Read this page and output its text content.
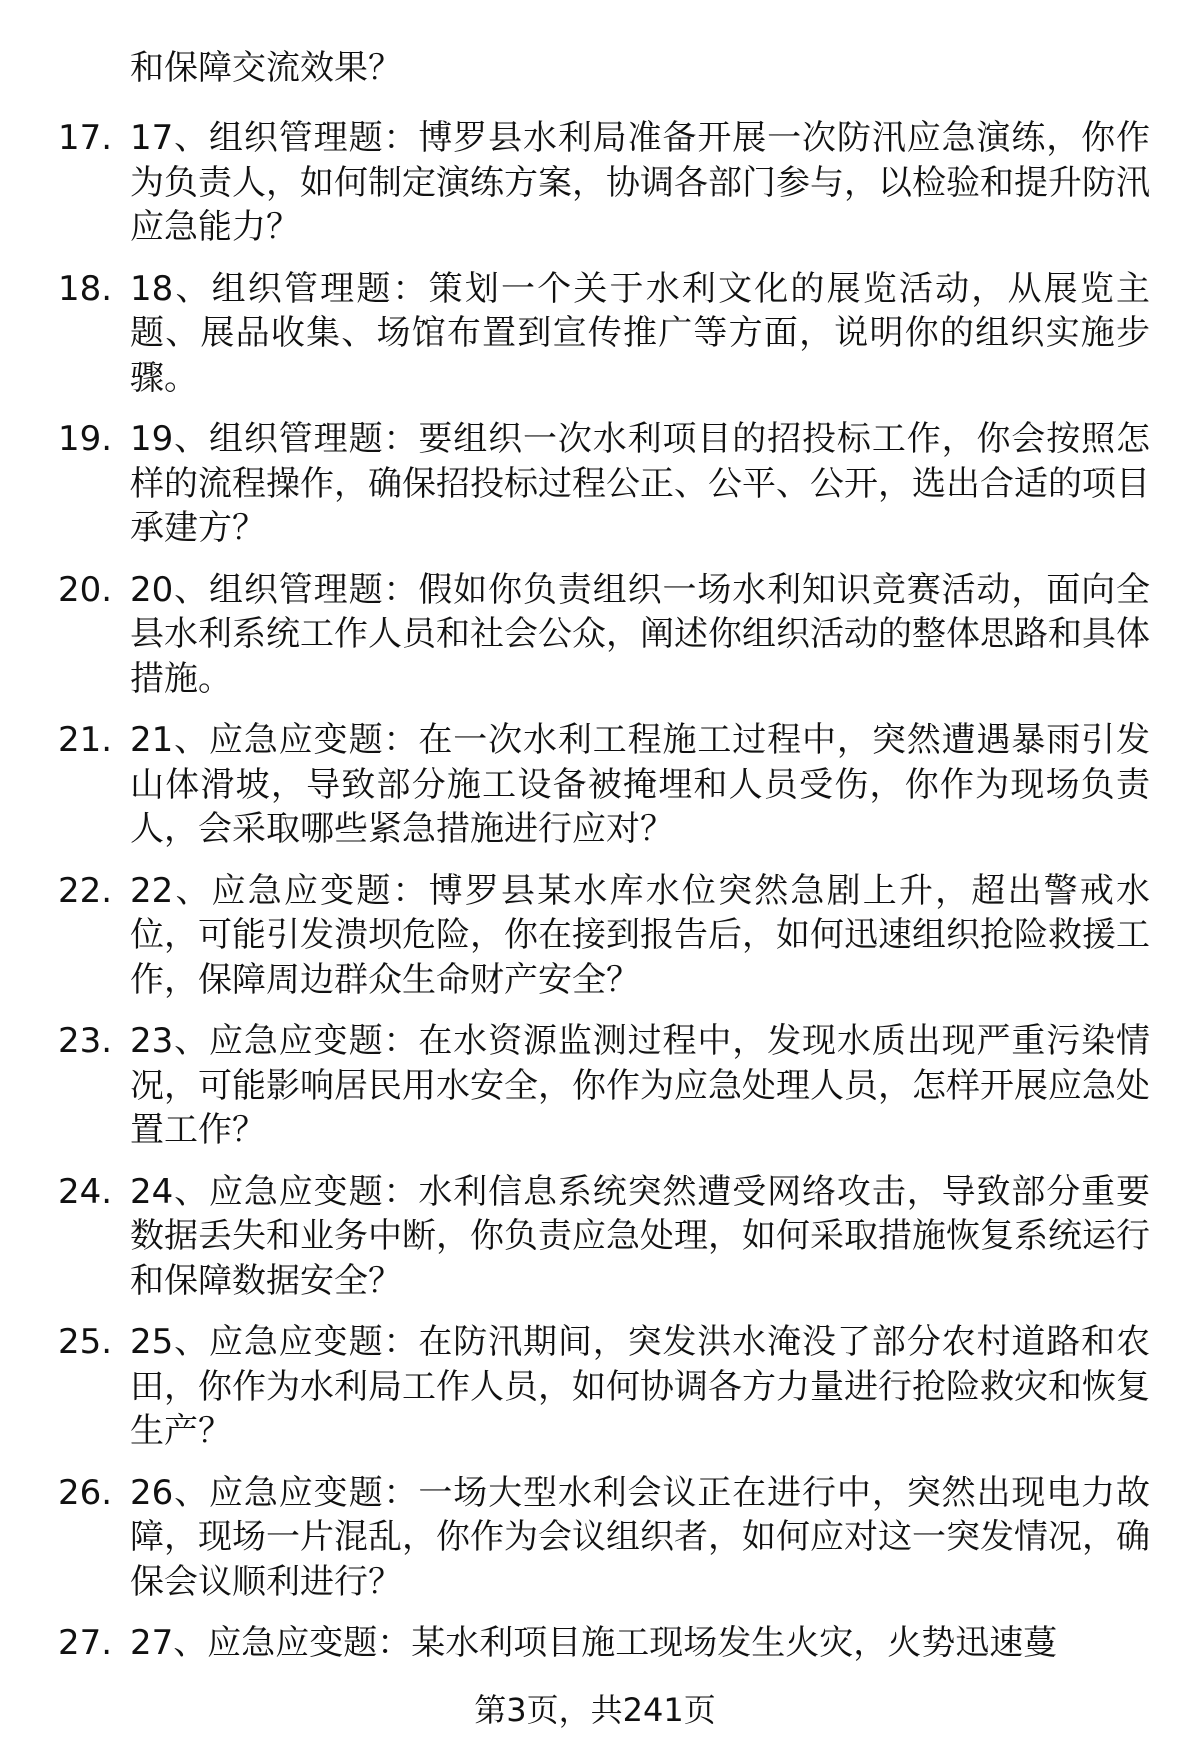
和保障交流效果？
17. 17、组织管理题：博罗县水利局准备开展一次防汛应急演练，你作为负责人，如何制定演练方案，协调各部门参与，以检验和提升防汛应急能力？
18. 18、组织管理题：策划一个关于水利文化的展览活动，从展览主题、展品收集、场馆布置到宣传推广等方面，说明你的组织实施步骤。
19. 19、组织管理题：要组织一次水利项目的招投标工作，你会按照怎样的流程操作，确保招投标过程公正、公平、公开，选出合适的项目承建方？
20. 20、组织管理题：假如你负责组织一场水利知识竞赛活动，面向全县水利系统工作人员和社会公众，阐述你组织活动的整体思路和具体措施。
21. 21、应急应变题：在一次水利工程施工过程中，突然遭遇暴雨引发山体滑坡，导致部分施工设备被掩埋和人员受伤，你作为现场负责人，会采取哪些紧急措施进行应对？
22. 22、应急应变题：博罗县某水库水位突然急剧上升，超出警戒水位，可能引发溃坝危险，你在接到报告后，如何迅速组织抢险救援工作，保障周边群众生命财产安全？
23. 23、应急应变题：在水资源监测过程中，发现水质出现严重污染情况，可能影响居民用水安全，你作为应急处理人员，怎样开展应急处置工作？
24. 24、应急应变题：水利信息系统突然遭受网络攻击，导致部分重要数据丢失和业务中断，你负责应急处理，如何采取措施恢复系统运行和保障数据安全？
25. 25、应急应变题：在防汛期间，突发洪水淹没了部分农村道路和农田，你作为水利局工作人员，如何协调各方力量进行抢险救灾和恢复生产？
26. 26、应急应变题：一场大型水利会议正在进行中，突然出现电力故障，现场一片混乱，你作为会议组织者，如何应对这一突发情况，确保会议顺利进行？
27. 27、应急应变题：某水利项目施工现场发生火灾，火势迅速蔓
第3页，共241页
